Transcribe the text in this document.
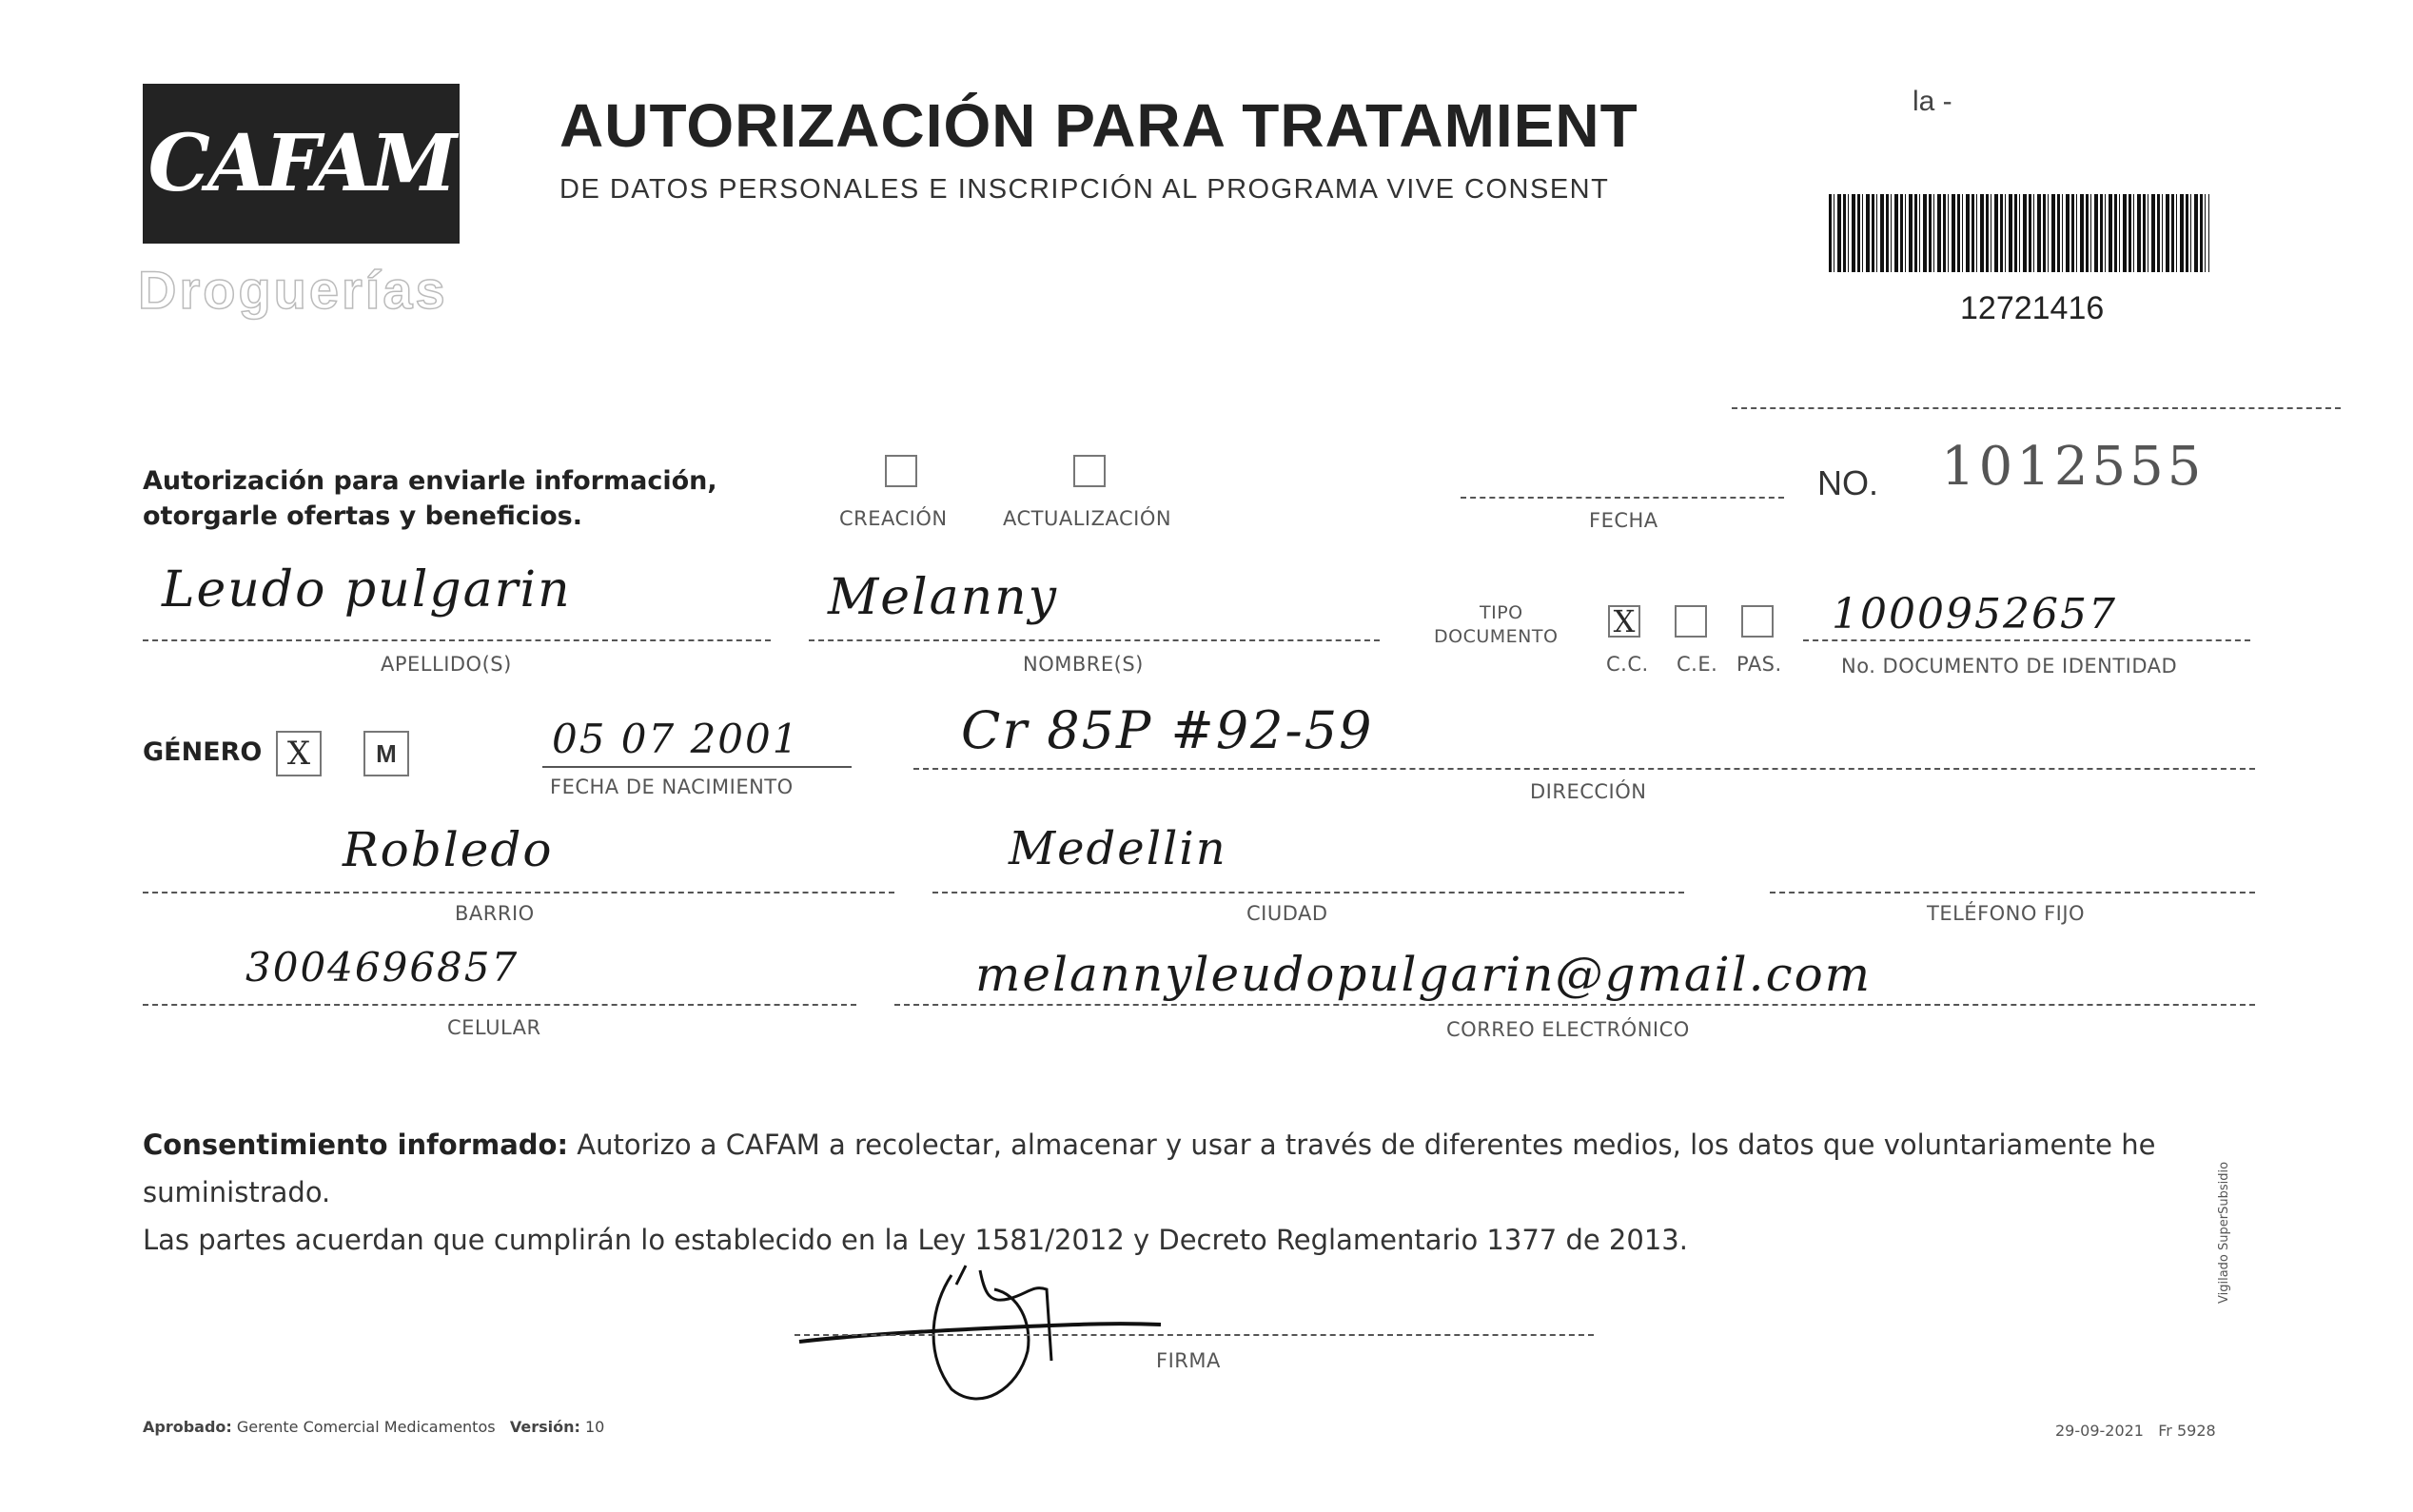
CAFAM
Droguerías
AUTORIZACIÓN PARA TRATAMIENT
DE DATOS PERSONALES E INSCRIPCIÓN AL PROGRAMA VIVE CONSENT
la -
12721416
Autorización para enviarle información,
otorgarle ofertas y beneficios.	CREACIÓN	ACTUALIZACIÓN	FECHA
NO. 1012555
Leudo pulgarin
APELLIDO(S)
Melanny
NOMBRE(S)
TIPO
DOCUMENTO X
C.C. C.E. PAS.
1000952657
No. DOCUMENTO DE IDENTIDAD
GÉNERO X	M	05 07 2001
FECHA DE NACIMIENTO
Cr 85P #92-59
DIRECCIÓN
Robledo
BARRIO
Medellin
CIUDAD	TELÉFONO FIJO
3004696857
CELULAR
melannyleudopulgarin@gmail.com
CORREO ELECTRÓNICO
Consentimiento informado: Autorizo a CAFAM a recolectar, almacenar y usar a través de diferentes medios, los datos que voluntariamente he suministrado.
Las partes acuerdan que cumplirán lo establecido en la Ley 1581/2012 y Decreto Reglamentario 1377 de 2013.
FIRMA
Aprobado: Gerente Comercial Medicamentos Versión: 10	29-09-2021 Fr 5928
Vigilado SuperSubsidio
